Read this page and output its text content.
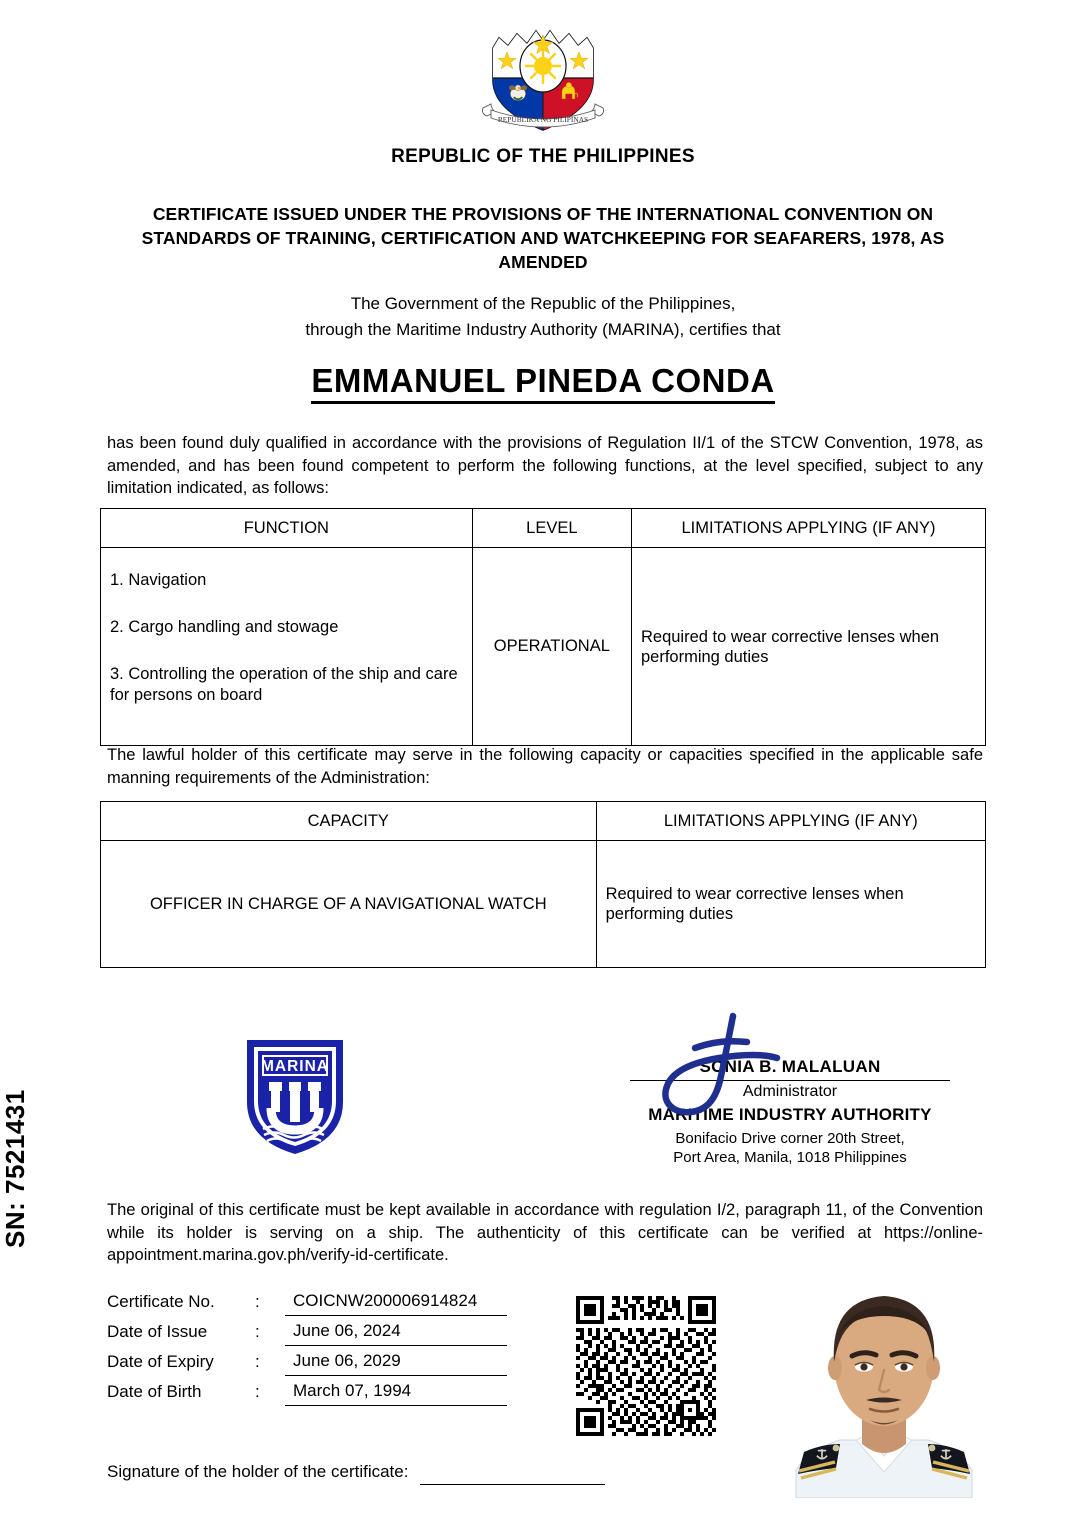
SN: 7521431
REPUBLIKA NG PILIPINAS
REPUBLIC OF THE PHILIPPINES
CERTIFICATE ISSUED UNDER THE PROVISIONS OF THE INTERNATIONAL CONVENTION ON STANDARDS OF TRAINING, CERTIFICATION AND WATCHKEEPING FOR SEAFARERS, 1978, AS AMENDED
The Government of the Republic of the Philippines,
through the Maritime Industry Authority (MARINA), certifies that
EMMANUEL PINEDA CONDA
has been found duly qualified in accordance with the provisions of Regulation II/1 of the STCW Convention, 1978, as amended, and has been found competent to perform the following functions, at the level specified, subject to any limitation indicated, as follows:
FUNCTION	LEVEL	LIMITATIONS APPLYING (IF ANY)

1. Navigation
2. Cargo handling and stowage
3. Controlling the operation of the ship and care for persons on board	OPERATIONAL	Required to wear corrective lenses when performing duties
The lawful holder of this certificate may serve in the following capacity or capacities specified in the applicable safe manning requirements of the Administration:
CAPACITY	LIMITATIONS APPLYING (IF ANY)
OFFICER IN CHARGE OF A NAVIGATIONAL WATCH	Required to wear corrective lenses when performing duties
MARINA	SONIA B. MALALUAN
Administrator
MARITIME INDUSTRY AUTHORITY
Bonifacio Drive corner 20th Street,
Port Area, Manila, 1018 Philippines
The original of this certificate must be kept available in accordance with regulation I/2, paragraph 11, of the Convention while its holder is serving on a ship. The authenticity of this certificate can be verified at https://online-appointment.marina.gov.ph/verify-id-certificate.
Certificate No.	:	COICNW200006914824
Date of Issue	:	June 06, 2024
Date of Expiry	:	June 06, 2029
Date of Birth	:	March 07, 1994
Signature of the holder of the certificate:
